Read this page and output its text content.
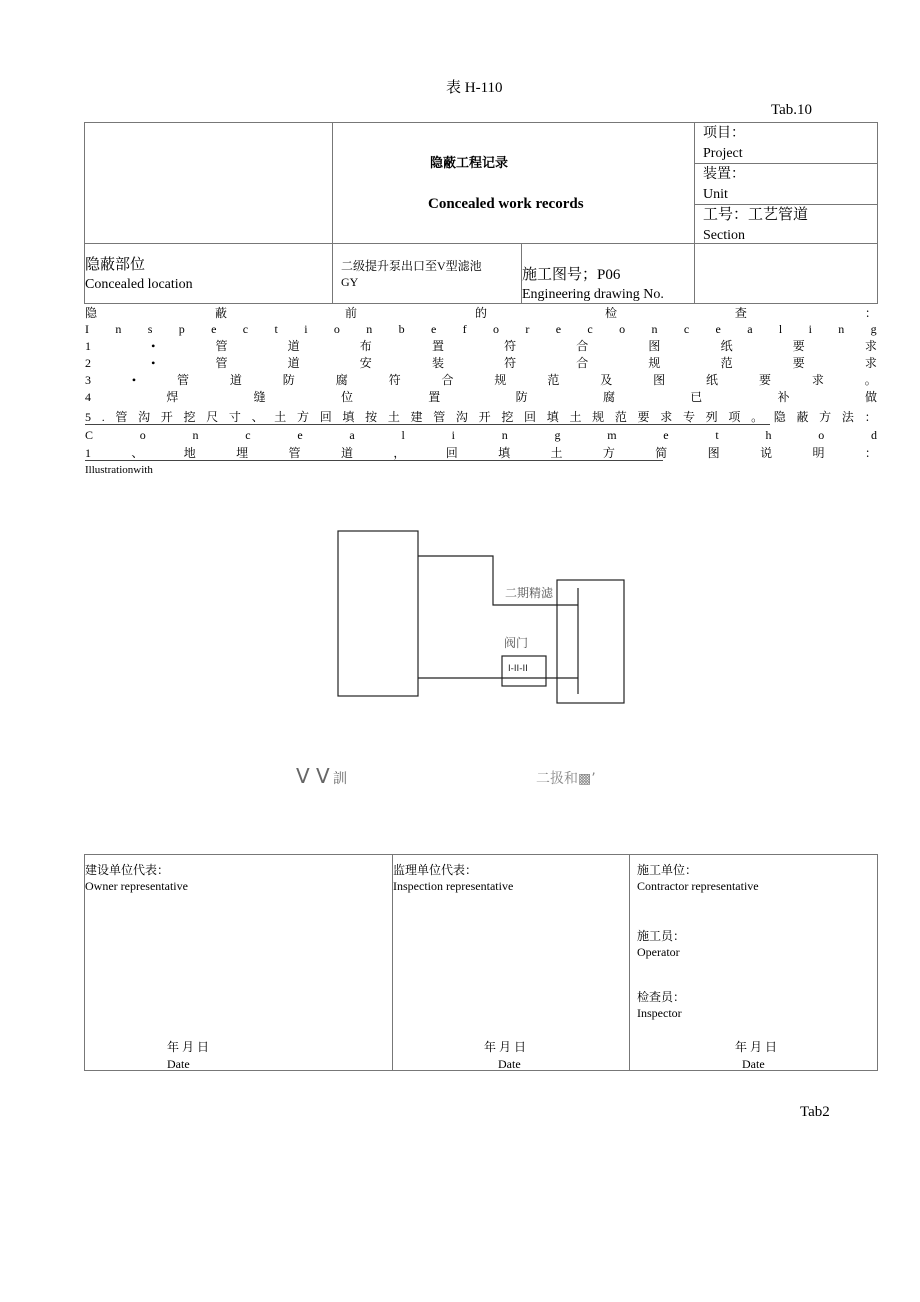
表 H-110
Tab.10
隐蔽工程记录
Concealed work records
项目：
Project
装置：
Unit
工号：工艺管道
Section
隐蔽部位
Concealed location
二级提升泵出口至V型滤池
GY	施工图号；P06
Engineering drawing No.
隐	蔽	前	的	检	查	：
I n s p e c t i o n b e f o r e c o n c e a l i n g
1	•	管	道	布	置	符	合	图	纸	要	求
2	•	管	道	安	装	符	合	规	范	要	求
3	•	管	道	防	腐	符	合	规	范	及	图	纸	要	求	。
4	焊	缝	位	置	防	腐	已	补	做
5 . 管 沟 开 挖 尺 寸 、 土 方 回 填 按 土 建 管 沟 开 挖 回 填 土 规 范 要 求 专 列 项 。 隐 蔽 方 法 ：
C	o	n	c	e	a	l	i	n	g	m	e	t	h	o	d
1	、	地	埋	管	道	，	回	填	土	方	简	图	说	明	：
Illustrationwith
二期精滤
阀门
I-II-II
V V 訓	二扱和▩’
建设单位代表：
Owner representative
监理单位代表：
Inspection representative
施工单位：
Contractor representative
施工员：
Operator
检查员：
Inspector
年 月 日
Date
年 月 日
Date
年 月 日
Date
Tab2
